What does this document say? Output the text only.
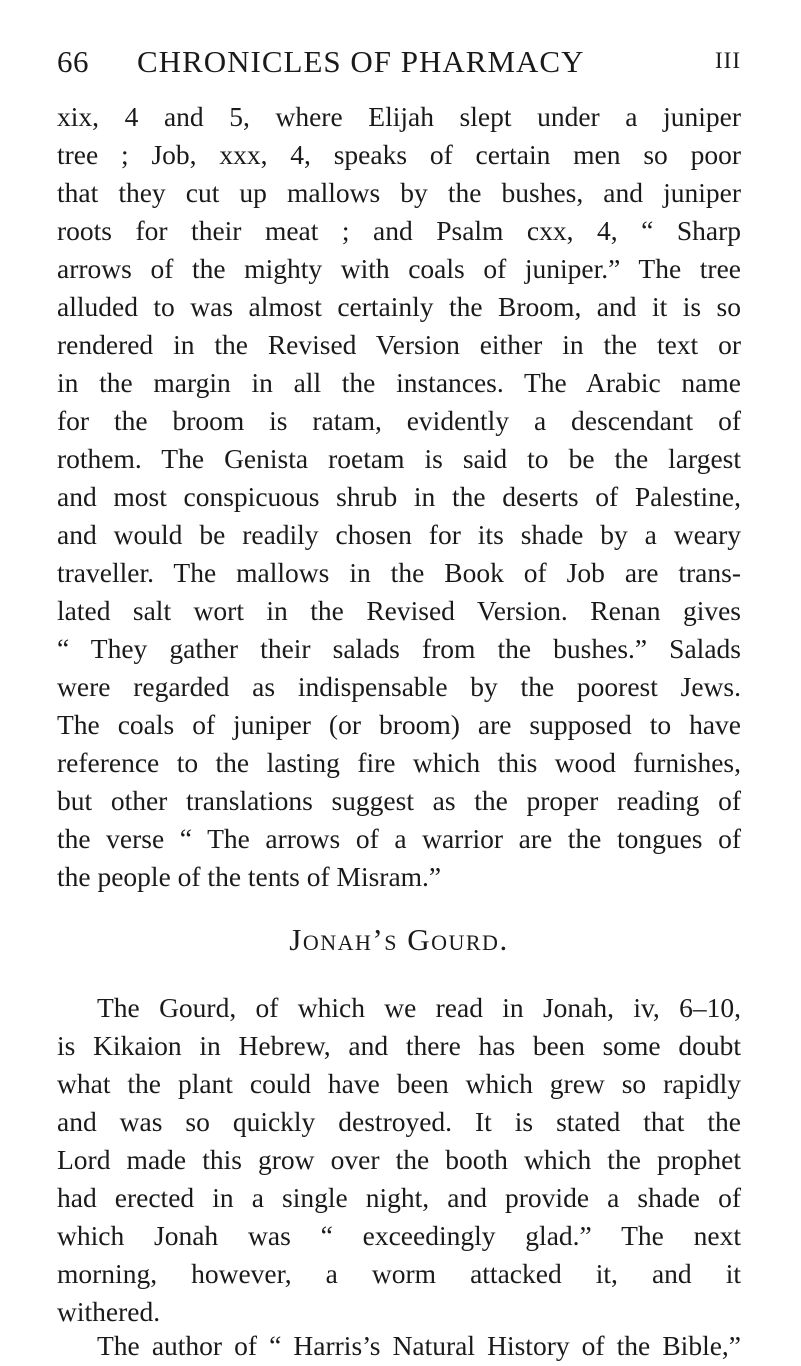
66 CHRONICLES OF PHARMACY	III
xix, 4 and 5, where Elijah slept under a juniper
tree ; Job, xxx, 4, speaks of certain men so poor
that they cut up mallows by the bushes, and juniper
roots for their meat ; and Psalm cxx, 4, “ Sharp
arrows of the mighty with coals of juniper.” The tree
alluded to was almost certainly the Broom, and it is so
rendered in the Revised Version either in the text or
in the margin in all the instances. The Arabic name
for the broom is ratam, evidently a descendant of
rothem. The Genista roetam is said to be the largest
and most conspicuous shrub in the deserts of Palestine,
and would be readily chosen for its shade by a weary
traveller. The mallows in the Book of Job are trans-
lated salt wort in the Revised Version. Renan gives
“ They gather their salads from the bushes.” Salads
were regarded as indispensable by the poorest Jews.
The coals of juniper (or broom) are supposed to have
reference to the lasting fire which this wood furnishes,
but other translations suggest as the proper reading of
the verse “ The arrows of a warrior are the tongues of
the people of the tents of Misram.”
Jonah’s Gourd.
The Gourd, of which we read in Jonah, iv, 6–10,
is Kikaion in Hebrew, and there has been some doubt
what the plant could have been which grew so rapidly
and was so quickly destroyed. It is stated that the
Lord made this grow over the booth which the prophet
had erected in a single night, and provide a shade of
which Jonah was “ exceedingly glad.” The next
morning, however, a worm attacked it, and it
withered.
The author of “ Harris’s Natural History of the Bible,”
